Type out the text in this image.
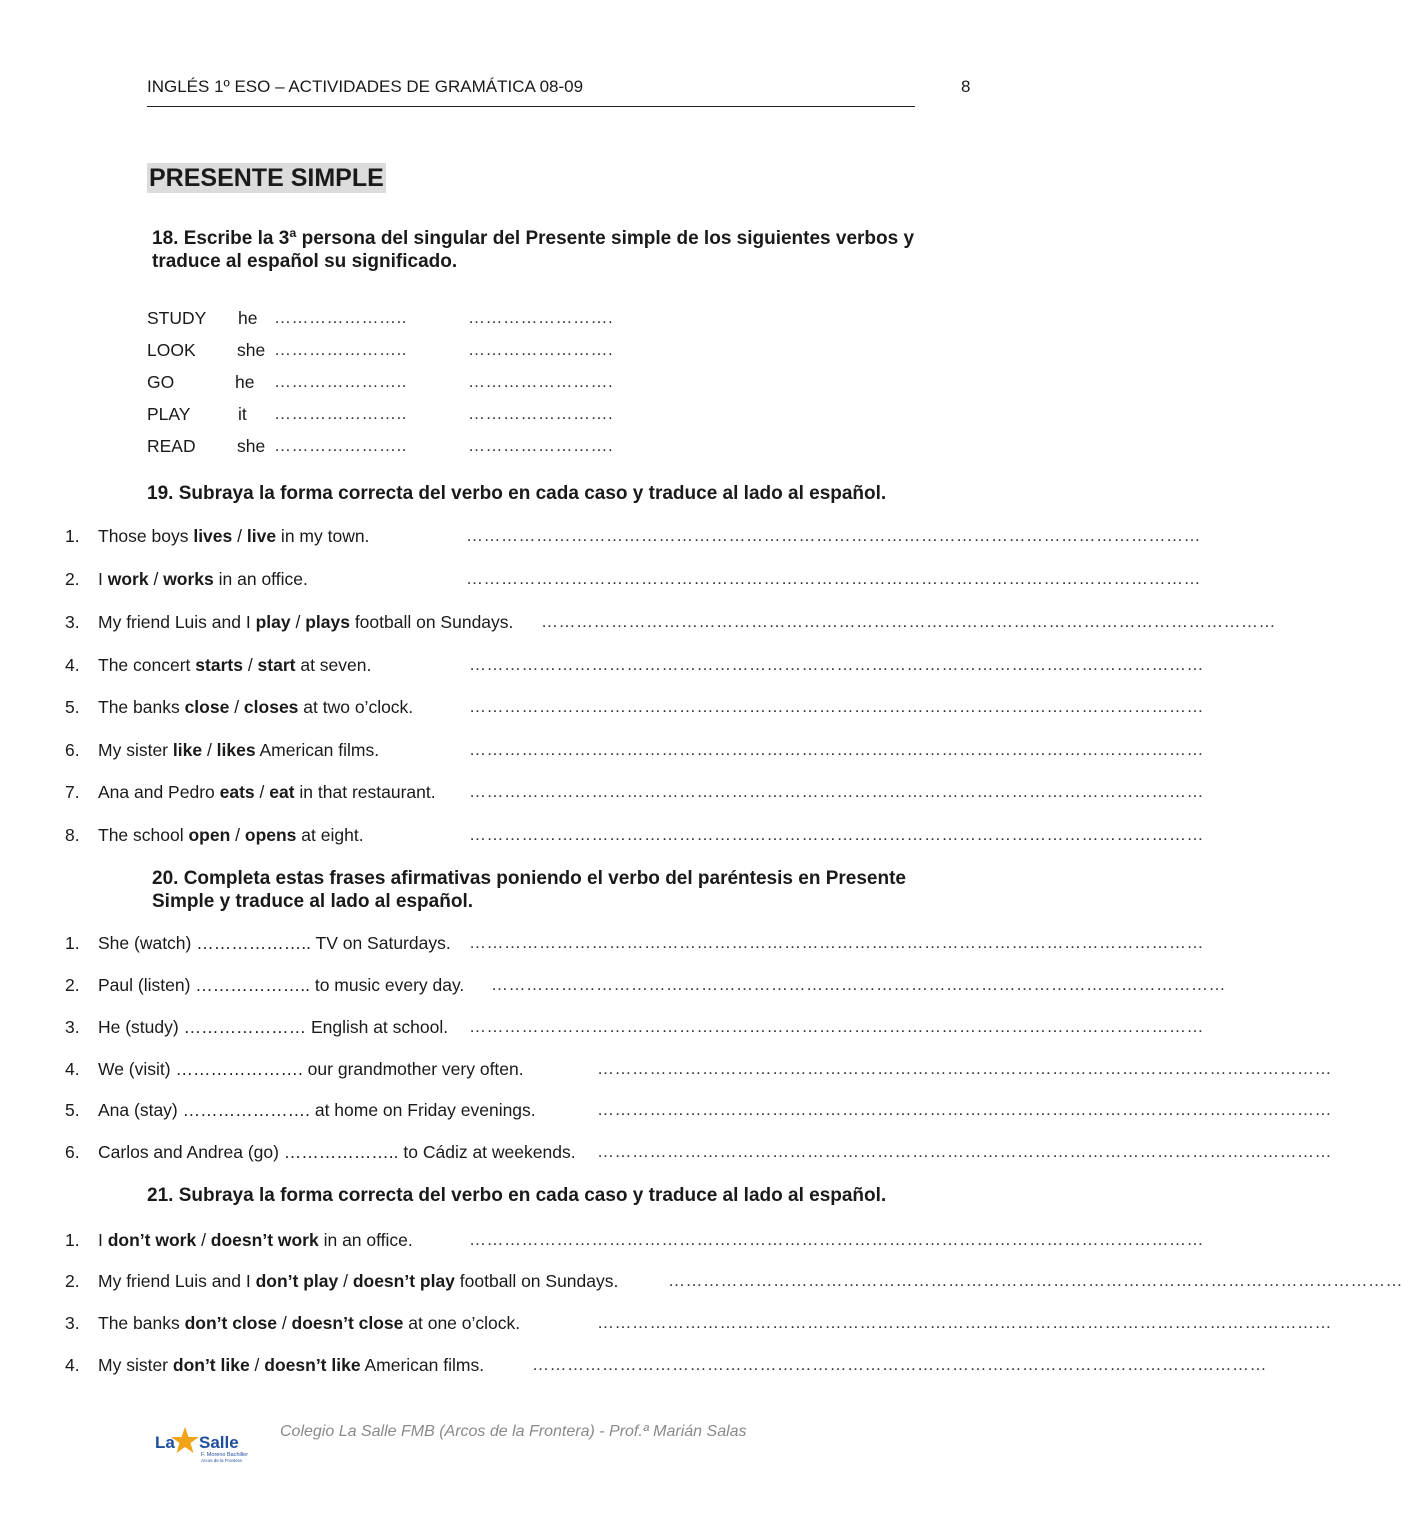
INGLÉS 1º ESO – ACTIVIDADES DE GRAMÁTICA 08-09	8
PRESENTE SIMPLE
18. Escribe la 3ª persona del singular del Presente simple de los siguientes verbos y
traduce al español su significado.
STUDY he …………………..	…………………….
LOOK she …………………..	…………………….
GO	he …………………..	…………………….
PLAY	it …………………..	…………………….
READ she …………………..	…………………….
19. Subraya la forma correcta del verbo en cada caso y traduce al lado al español.
1. Those boys lives / live in my town.	………………………………………………………………………………………………………………
2. I work / works in an office.	………………………………………………………………………………………………………………
3. My friend Luis and I play / plays football on Sundays. ………………………………………………………………………………………………………………
4. The concert starts / start at seven.	………………………………………………………………………………………………………………
5. The banks close / closes at two o’clock.	………………………………………………………………………………………………………………
6. My sister like / likes American films.	………………………………………………………………………………………………………………
7. Ana and Pedro eats / eat in that restaurant. ………………………………………………………………………………………………………………
8. The school open / opens at eight.	………………………………………………………………………………………………………………
20. Completa estas frases afirmativas poniendo el verbo del paréntesis en Presente
Simple y traduce al lado al español.
1. She (watch) ……………….. TV on Saturdays. ………………………………………………………………………………………………………………
2. Paul (listen) ……………….. to music every day. ………………………………………………………………………………………………………………
3. He (study) ………………… English at school. ………………………………………………………………………………………………………………
4. We (visit) …………………. our grandmother very often.	………………………………………………………………………………………………………………
5. Ana (stay) …………………. at home on Friday evenings.	………………………………………………………………………………………………………………
6. Carlos and Andrea (go) ……………….. to Cádiz at weekends. ………………………………………………………………………………………………………………
21. Subraya la forma correcta del verbo en cada caso y traduce al lado al español.
1. I don’t work / doesn’t work in an office.	………………………………………………………………………………………………………………
2. My friend Luis and I don’t play / doesn’t play football on Sundays.	………………………………………………………………………………………………………………
3. The banks don’t close / doesn’t close at one o’clock.	………………………………………………………………………………………………………………
4. My sister don’t like / doesn’t like American films.	………………………………………………………………………………………………………………
La Salle
F. Moreno Bachiller
Arcos de la Frontera
Colegio La Salle FMB (Arcos de la Frontera) - Prof.ª Marián Salas
